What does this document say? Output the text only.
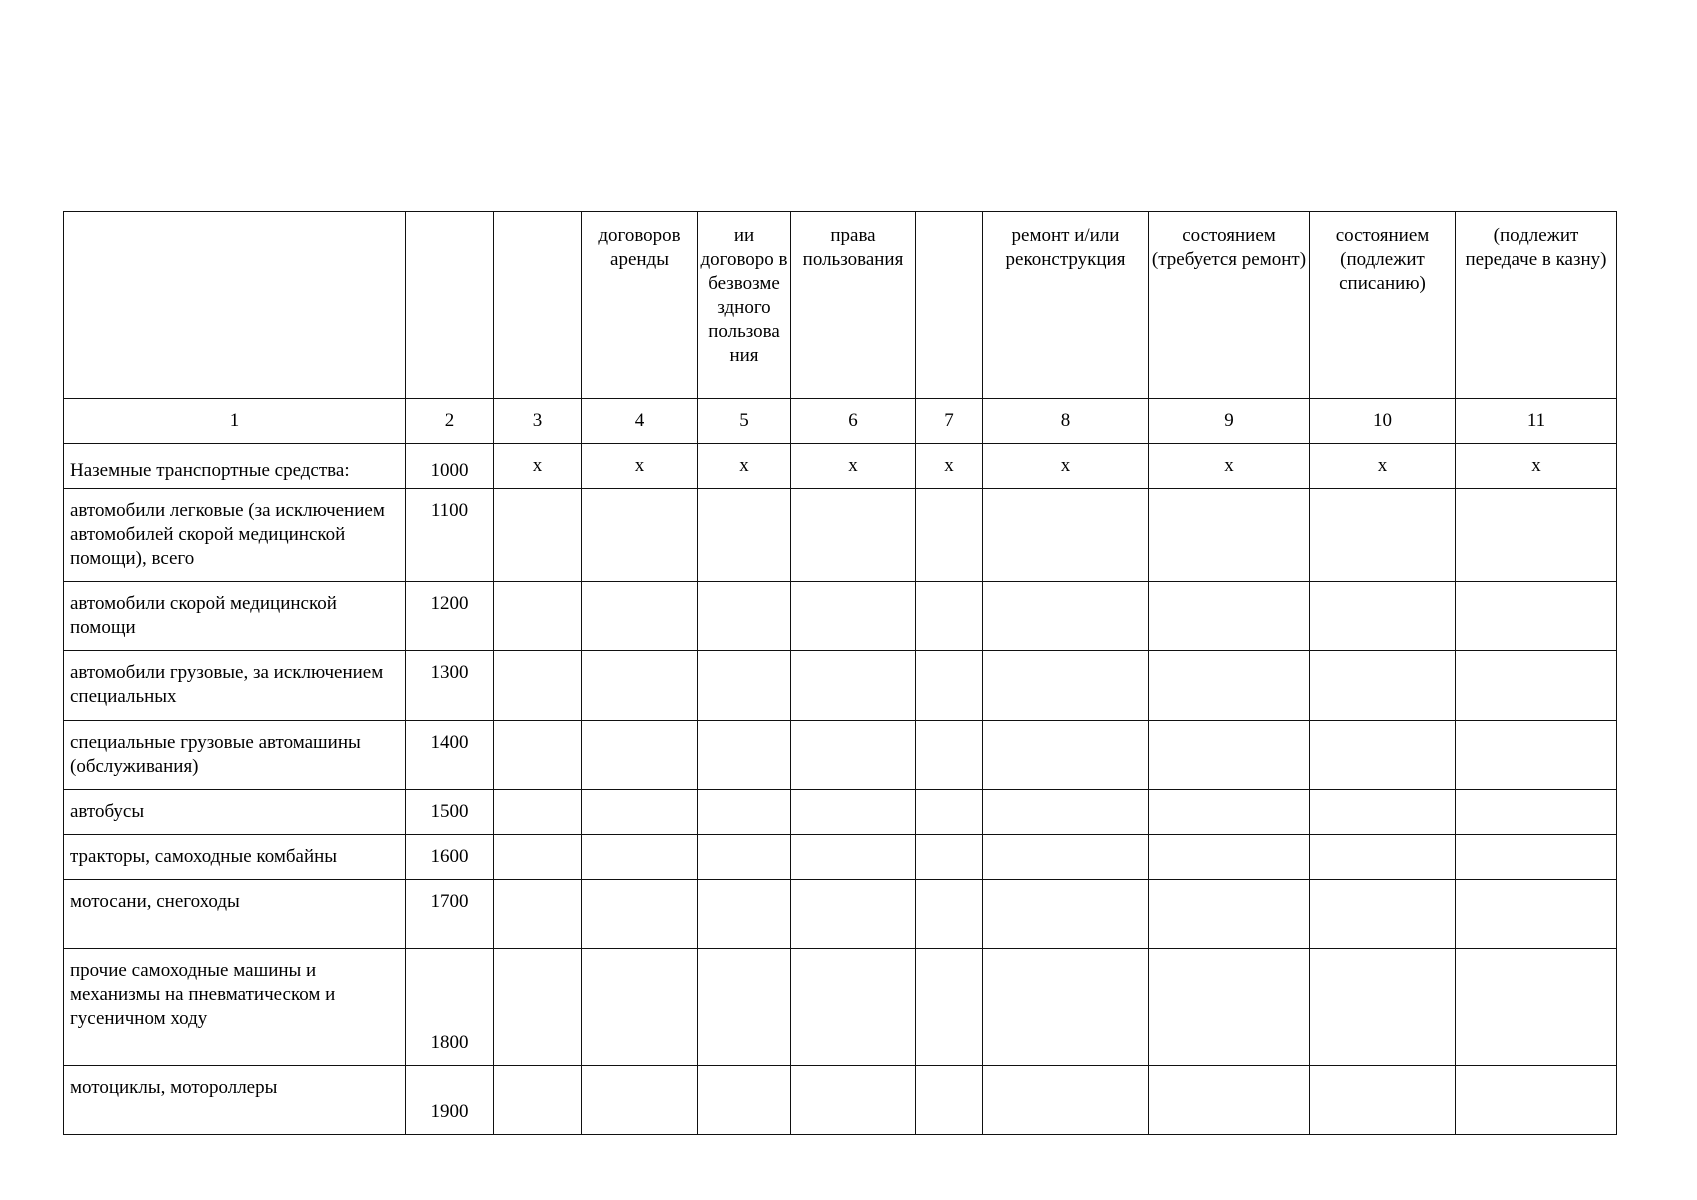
			договоров аренды	ии договоро в безвозме здного пользова ния	права пользования		ремонт и/или реконструкция	состоянием (требуется ремонт)	состоянием (подлежит списанию)	(подлежит передаче в казну)
1	2	3	4	5	6	7	8	9	10	11
Наземные транспортные средства:	1000	x	x	x	x	x	x	x	x	x
автомобили легковые (за исключением автомобилей скорой медицинской помощи), всего	1100									
автомобили скорой медицинской помощи	1200									
автомобили грузовые, за исключением специальных	1300									
специальные грузовые автомашины (обслуживания)	1400									
автобусы	1500									
тракторы, самоходные комбайны	1600									
мотосани, снегоходы	1700									
прочие самоходные машины и механизмы на пневматическом и гусеничном ходу	1800									
мотоциклы, мотороллеры	1900									
